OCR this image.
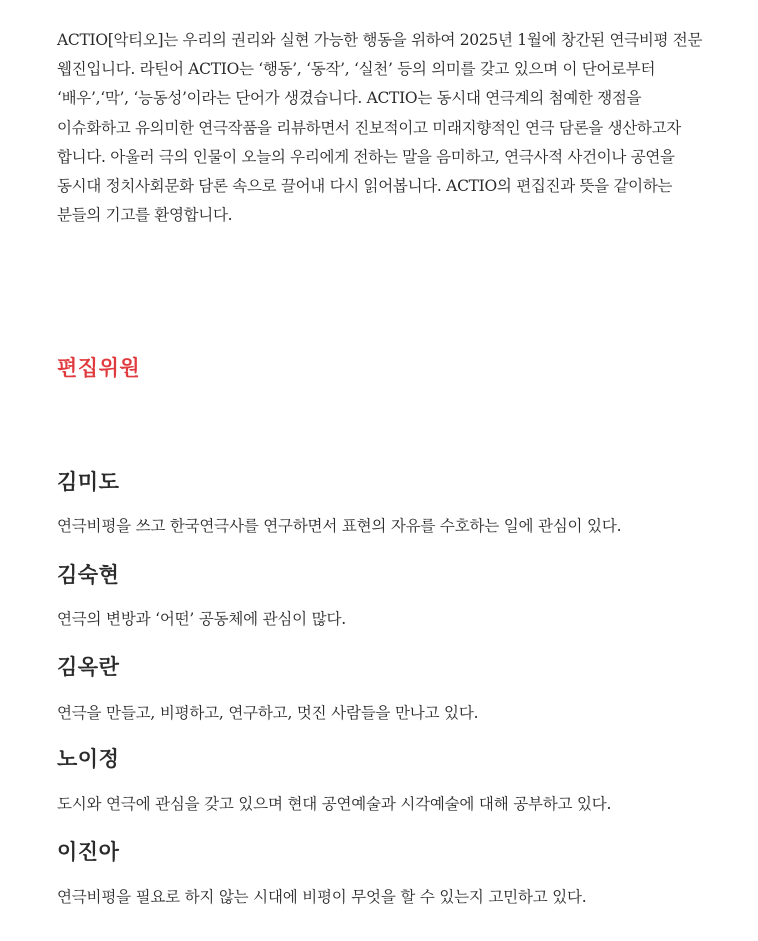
ACTIO[악티오]는 우리의 권리와 실현 가능한 행동을 위하여 2025년 1월에 창간된 연극비평 전문 웹진입니다. 라틴어 ACTIO는 ‘행동’, ‘동작’, ‘실천’ 등의 의미를 갖고 있으며 이 단어로부터 ‘배우’,‘막’, ‘능동성’이라는 단어가 생겼습니다. ACTIO는 동시대 연극계의 첨예한 쟁점을 이슈화하고 유의미한 연극작품을 리뷰하면서 진보적이고 미래지향적인 연극 담론을 생산하고자 합니다. 아울러 극의 인물이 오늘의 우리에게 전하는 말을 음미하고, 연극사적 사건이나 공연을 동시대 정치사회문화 담론 속으로 끌어내 다시 읽어봅니다. ACTIO의 편집진과 뜻을 같이하는 분들의 기고를 환영합니다.

편집위원
김미도

연극비평을 쓰고 한국연극사를 연구하면서 표현의 자유를 수호하는 일에 관심이 있다.

김숙현

연극의 변방과 ‘어떤’ 공동체에 관심이 많다.

김옥란

연극을 만들고, 비평하고, 연구하고, 멋진 사람들을 만나고 있다.

노이정

도시와 연극에 관심을 갖고 있으며 현대 공연예술과 시각예술에 대해 공부하고 있다.

이진아

연극비평을 필요로 하지 않는 시대에 비평이 무엇을 할 수 있는지 고민하고 있다.
